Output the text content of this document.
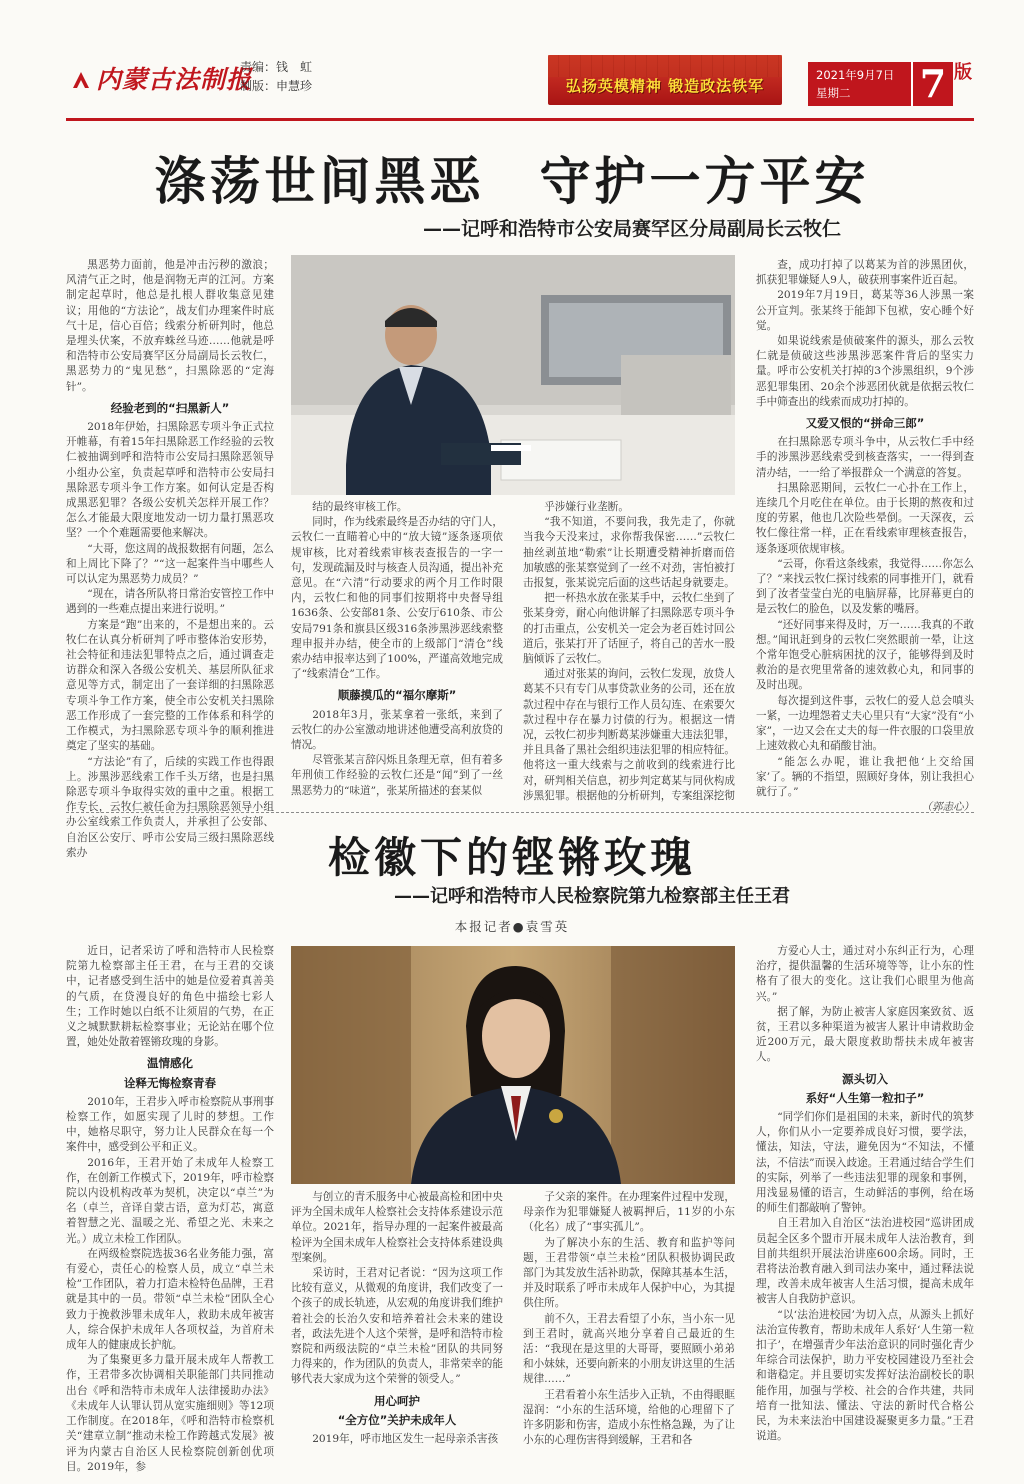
内蒙古法制报
责编：钱　虹
制版：申慧珍	弘扬英模精神 锻造政法铁军
2021年9月7日
星期二	7 版
涤荡世间黑恶　守护一方平安
——记呼和浩特市公安局赛罕区分局副局长云牧仁

黑恶势力面前，他是冲击污秽的激浪；风清气正之时，他是润物无声的江河。方案制定起草时，他总是扎根人群收集意见建议；用他的“方法论”，战友们办理案件时底气十足，信心百倍；线索分析研判时，他总是埋头伏案，不放弃蛛丝马迹……他就是呼和浩特市公安局赛罕区分局副局长云牧仁，黑恶势力的“鬼见愁”，扫黑除恶的“定海针”。

经验老到的“扫黑新人”

2018年伊始，扫黑除恶专项斗争正式拉开帷幕，有着15年扫黑除恶工作经验的云牧仁被抽调到呼和浩特市公安局扫黑除恶领导小组办公室，负责起草呼和浩特市公安局扫黑除恶专项斗争工作方案。如何认定是否构成黑恶犯罪？各级公安机关怎样开展工作？怎么才能最大限度地发动一切力量打黑恶攻坚？一个个难题需要他来解决。

“大哥，您这周的战报数据有问题，怎么和上周比下降了？”“这一起案件当中哪些人可以认定为黑恶势力成员？”

“现在，请各所队将日常治安管控工作中遇到的一些难点提出来进行说明。”

方案是“跑”出来的，不是想出来的。云牧仁在认真分析研判了呼市整体治安形势，社会特征和违法犯罪特点之后，通过调查走访群众和深入各级公安机关、基层所队征求意见等方式，制定出了一套详细的扫黑除恶专项斗争工作方案，使全市公安机关扫黑除恶工作形成了一套完整的工作体系和科学的工作模式，为扫黑除恶专项斗争的顺利推进奠定了坚实的基础。

“方法论”有了，后续的实践工作也得跟上。涉黑涉恶线索工作千头万绪，也是扫黑除恶专项斗争取得实效的重中之重。根据工作专长，云牧仁被任命为扫黑除恶领导小组办公室线索工作负责人，并承担了公安部、自治区公安厅、呼市公安局三级扫黑除恶线索办

结的最终审核工作。

同时，作为线索最终是否办结的守门人，云牧仁一直瞄着心中的“放大镜”逐条逐项依规审核，比对着线索审核表查报告的一字一句，发现疏漏及时与核查人员沟通，提出补充意见。在“六清”行动要求的两个月工作时限内，云牧仁和他的同事们按期将中央督导组1636条、公安部81条、公安厅610条、市公安局791条和旗县区级316条涉黑涉恶线索整理申报并办结，使全市的上级部门“清仓”线索办结申报率达到了100%，严谨高效地完成了“线索清仓”工作。

顺藤摸瓜的“福尔摩斯”

2018年3月，张某拿着一张纸，来到了云牧仁的办公室激动地讲述他遭受高利放贷的情况。

尽管张某言辞闪烁且条理无章，但有着多年刑侦工作经验的云牧仁还是“闻”到了一丝黑恶势力的“味道”，张某所描述的套某似

乎涉嫌行业垄断。

“我不知道，不要问我，我先走了，你就当我今天没来过，求你帮我保密……”云牧仁抽丝剥茧地“勒索”让长期遭受精神折磨而倍加敏感的张某察觉到了一丝不对劲，害怕被打击报复，张某说完后面的这些话起身就要走。

把一杯热水放在张某手中，云牧仁坐到了张某身旁，耐心向他讲解了扫黑除恶专项斗争的打击重点，公安机关一定会为老百姓讨回公道后，张某打开了话匣子，将自己的苦水一股脑倾诉了云牧仁。

通过对张某的询问，云牧仁发现，放贷人葛某不只有专门从事贷款业务的公司，还在放款过程中存在与银行工作人员勾连、在索要欠款过程中存在暴力讨债的行为。根据这一情况，云牧仁初步判断葛某涉嫌重大违法犯罪，并且具备了黑社会组织违法犯罪的相应特征。他将这一重大线索与之前收到的线索进行比对，研判相关信息，初步判定葛某与同伙构成涉黑犯罪。根据他的分析研判，专案组深挖彻

查，成功打掉了以葛某为首的涉黑团伙，抓获犯罪嫌疑人9人，破获刑事案件近百起。

2019年7月19日，葛某等36人涉黑一案公开宣判。张某终于能卸下包袱，安心睡个好觉。

如果说线索是侦破案件的源头，那么云牧仁就是侦破这些涉黑涉恶案件背后的坚实力量。呼市公安机关打掉的3个涉黑组织，9个涉恶犯罪集团、20余个涉恶团伙就是依据云牧仁手中筛查出的线索而成功打掉的。

又爱又恨的“拼命三郎”

在扫黑除恶专项斗争中，从云牧仁手中经手的涉黑涉恶线索受到核查落实，一一得到查清办结，一一给了举报群众一个满意的答复。

扫黑除恶期间，云牧仁一心扑在工作上，连续几个月吃住在单位。由于长期的熬夜和过度的劳累，他也几次险些晕倒。一天深夜，云牧仁像往常一样，正在看线索审理核查报告，逐条逐项依规审核。

“云哥，你看这条线索，我觉得……你怎么了？”来找云牧仁探讨线索的同事推开门，就看到了汝者莹莹白光的电脑屏幕，比屏幕更白的是云牧仁的脸色，以及发紫的嘴唇。

“还好同事来得及时，万一……我真的不敢想。”闻讯赶到身的云牧仁突然眼前一晕，让这个常年饱受心脏病困扰的汉子，能够得到及时救治的是衣兜里常备的速效救心丸，和同事的及时出现。

每次提到这件事，云牧仁的爱人总会嗔头一紧，一边埋怨着丈夫心里只有“大家”没有“小家”，一边又会在丈夫的每一件衣服的口袋里放上速效救心丸和硝酸甘油。

“能怎么办呢，谁让我把他‘上交给国家’了。辆的不指望，照顾好身体，别让我担心就行了。”

（郭恚心）

检徽下的铿锵玫瑰
——记呼和浩特市人民检察院第九检察部主任王君
本报记者●袁雪英

近日，记者采访了呼和浩特市人民检察院第九检察部主任王君，在与王君的交谈中，记者感受到生活中的她是位爱着真善美的气质，在贷漫良好的角色中描绘七彩人生；工作时她以白纸不让须眉的气势，在正义之城默默耕耘检察事业；无论站在哪个位置，她处处散着铿锵玫瑰的身影。

温情感化
诠释无悔检察青春

2010年，王君步入呼市检察院从事刑事检察工作，如愿实现了儿时的梦想。工作中，她格尽职守，努力让人民群众在每一个案件中，感受到公平和正义。

2016年，王君开始了未成年人检察工作，在创新工作模式下，2019年，呼市检察院以内设机构改革为契机，决定以“卓兰”为名（卓兰，音译自蒙古语，意为灯芯，寓意着智慧之光、温暖之光、希望之光、未来之光。）成立未检工作团队。

在两级检察院选拔36名业务能力强，富有爱心，责任心的检察人员，成立“卓兰未检”工作团队，着力打造未检特色品牌，王君就是其中的一员。带领“卓兰未检”团队全心致力于挽救涉罪未成年人，救助未成年被害人，综合保护未成年人各项权益，为首府未成年人的健康成长护航。

为了集聚更多力量开展未成年人帮教工作，王君带多次协调相关职能部门共同推动出台《呼和浩特市未成年人法律援助办法》《未成年人认罪认罚从宽实施细则》等12项工作制度。在2018年，《呼和浩特市检察机关“建章立制”推动未检工作跨越式发展》被评为内蒙古自治区人民检察院创新创优项目。2019年，参

与创立的青禾服务中心被最高检和团中央评为全国未成年人检察社会支持体系建设示范单位。2021年，指导办理的一起案件被最高检评为全国未成年人检察社会支持体系建设典型案例。

采访时，王君对记者说：“因为这项工作比较有意义，从微观的角度讲，我们改变了一个孩子的成长轨迹，从宏观的角度讲我们维护着社会的长治久安和培养着社会未来的建设者，政法先进个人这个荣誉，是呼和浩特市检察院和两级法院的“卓兰未检”团队的共同努力得来的，作为团队的负责人，非常荣幸的能够代表大家成为这个荣誉的领受人。”

用心呵护
“全方位”关护未成年人

2019年，呼市地区发生一起母亲杀害孩

子父亲的案件。在办理案件过程中发现，母亲作为犯罪嫌疑人被羁押后，11岁的小东（化名）成了“事实孤儿”。

为了解决小东的生活、教育和监护等问题，王君带领“卓兰未检”团队积极协调民政部门为其发放生活补助款，保障其基本生活，并及时联系了呼市未成年人保护中心，为其提供住所。

前不久，王君去看望了小东，当小东一见到王君时，就高兴地分享着自己最近的生活：“我现在是这里的大哥哥，要照顾小弟弟和小妹妹，还要向新来的小朋友讲这里的生活规律……”

王君看着小东生活步入正轨，不由得眼眶湿润：“小东的生活环境，给他的心理留下了许多阴影和伤害，造成小东性格急躁，为了让小东的心理伤害得到缓解，王君和各

方爱心人士，通过对小东纠正行为，心理治疗，提供温馨的生活环境等等，让小东的性格有了很大的变化。这让我们心眼里为他高兴。”

据了解，为防止被害人家庭因案致贫、返贫，王君以多种渠道为被害人累计申请救助金近200万元，最大限度救助帮扶未成年被害人。

源头切入
系好“人生第一粒扣子”

“同学们你们是祖国的未来，新时代的筑梦人，你们从小一定要养成良好习惯，要学法，懂法，知法，守法，避免因为“不知法，不懂法，不信法”而误入歧途。王君通过结合学生们的实际，列举了一些违法犯罪的现象和事例，用浅显易懂的语言，生动鲜活的事例，给在场的师生们都敲响了警钟。

自王君加入自治区“法治进校园”巡讲团成员起全区多个盟市开展未成年人法治教育，到目前共组织开展法治讲座600余场。同时，王君将法治教育融入到司法办案中，通过释法说理，改善未成年被害人生活习惯，提高未成年被害人自我防护意识。

“以‘法治进校园’为切入点，从源头上抓好法治宣传教育，帮助未成年人系好‘人生第一粒扣子’，在增强青少年法治意识的同时强化青少年综合司法保护，助力平安校园建设乃至社会和谐稳定。并且要切实发挥好法治副校长的职能作用，加强与学校、社会的合作共建，共同培育一批知法、懂法、守法的新时代合格公民，为未来法治中国建设凝聚更多力量。”王君说道。
